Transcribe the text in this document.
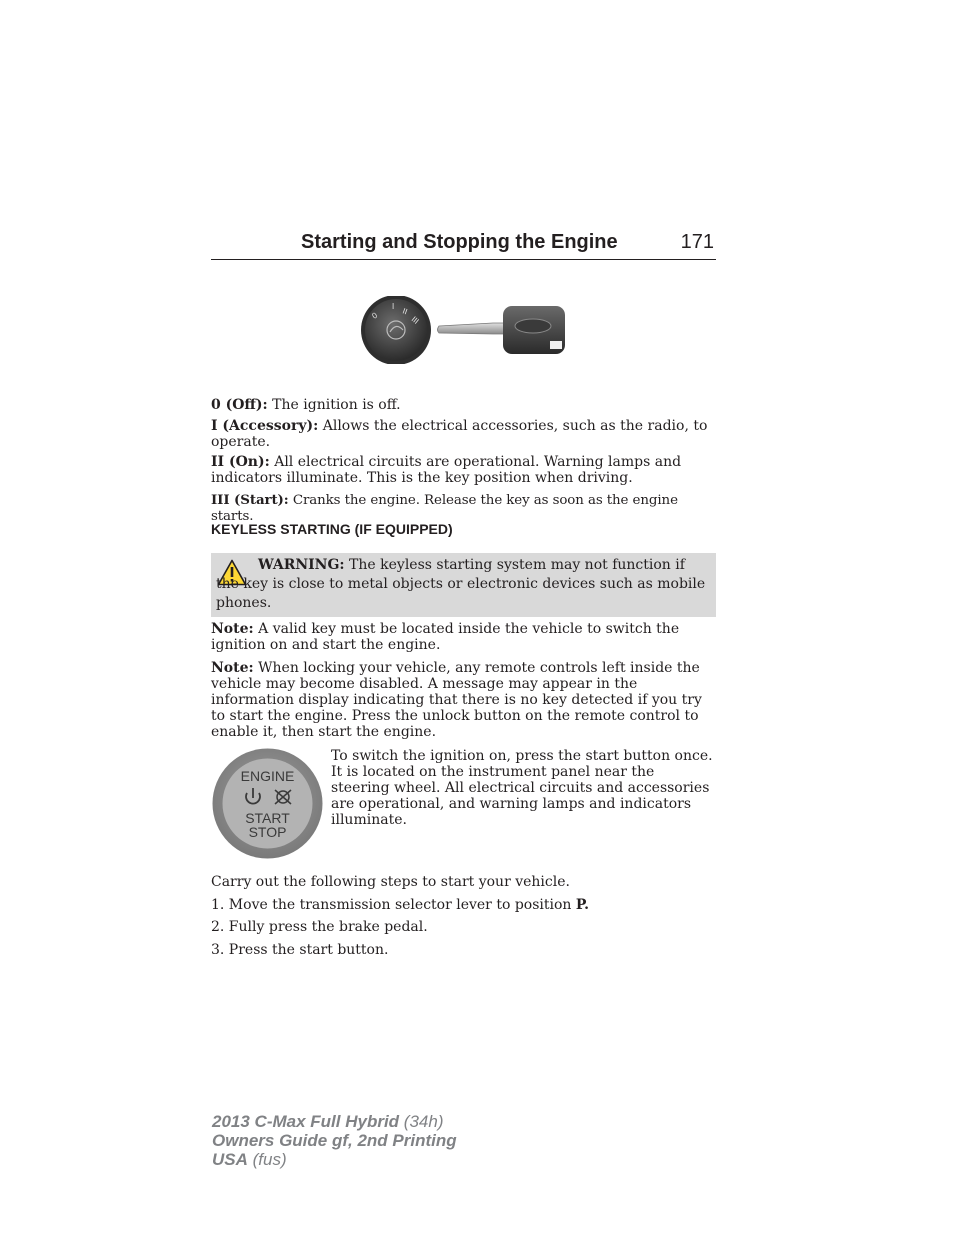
Starting and Stopping the Engine	171
0
I II
III
0 (Off): The ignition is off.
I (Accessory): Allows the electrical accessories, such as the radio, to operate.
II (On): All electrical circuits are operational. Warning lamps and indicators illuminate. This is the key position when driving.
III (Start): Cranks the engine. Release the key as soon as the engine starts.
KEYLESS STARTING (IF EQUIPPED)
WARNING: The keyless starting system may not function if the key is close to metal objects or electronic devices such as mobile phones.
Note: A valid key must be located inside the vehicle to switch the ignition on and start the engine.
Note: When locking your vehicle, any remote controls left inside the vehicle may become disabled. A message may appear in the information display indicating that there is no key detected if you try to start the engine. Press the unlock button on the remote control to enable it, then start the engine.
ENGINE
START
STOP
To switch the ignition on, press the start button once. It is located on the instrument panel near the steering wheel. All electrical circuits and accessories are operational, and warning lamps and indicators illuminate.
Carry out the following steps to start your vehicle.
1. Move the transmission selector lever to position P.
2. Fully press the brake pedal.
3. Press the start button.
2013 C-Max Full Hybrid (34h)
Owners Guide gf, 2nd Printing
USA (fus)
